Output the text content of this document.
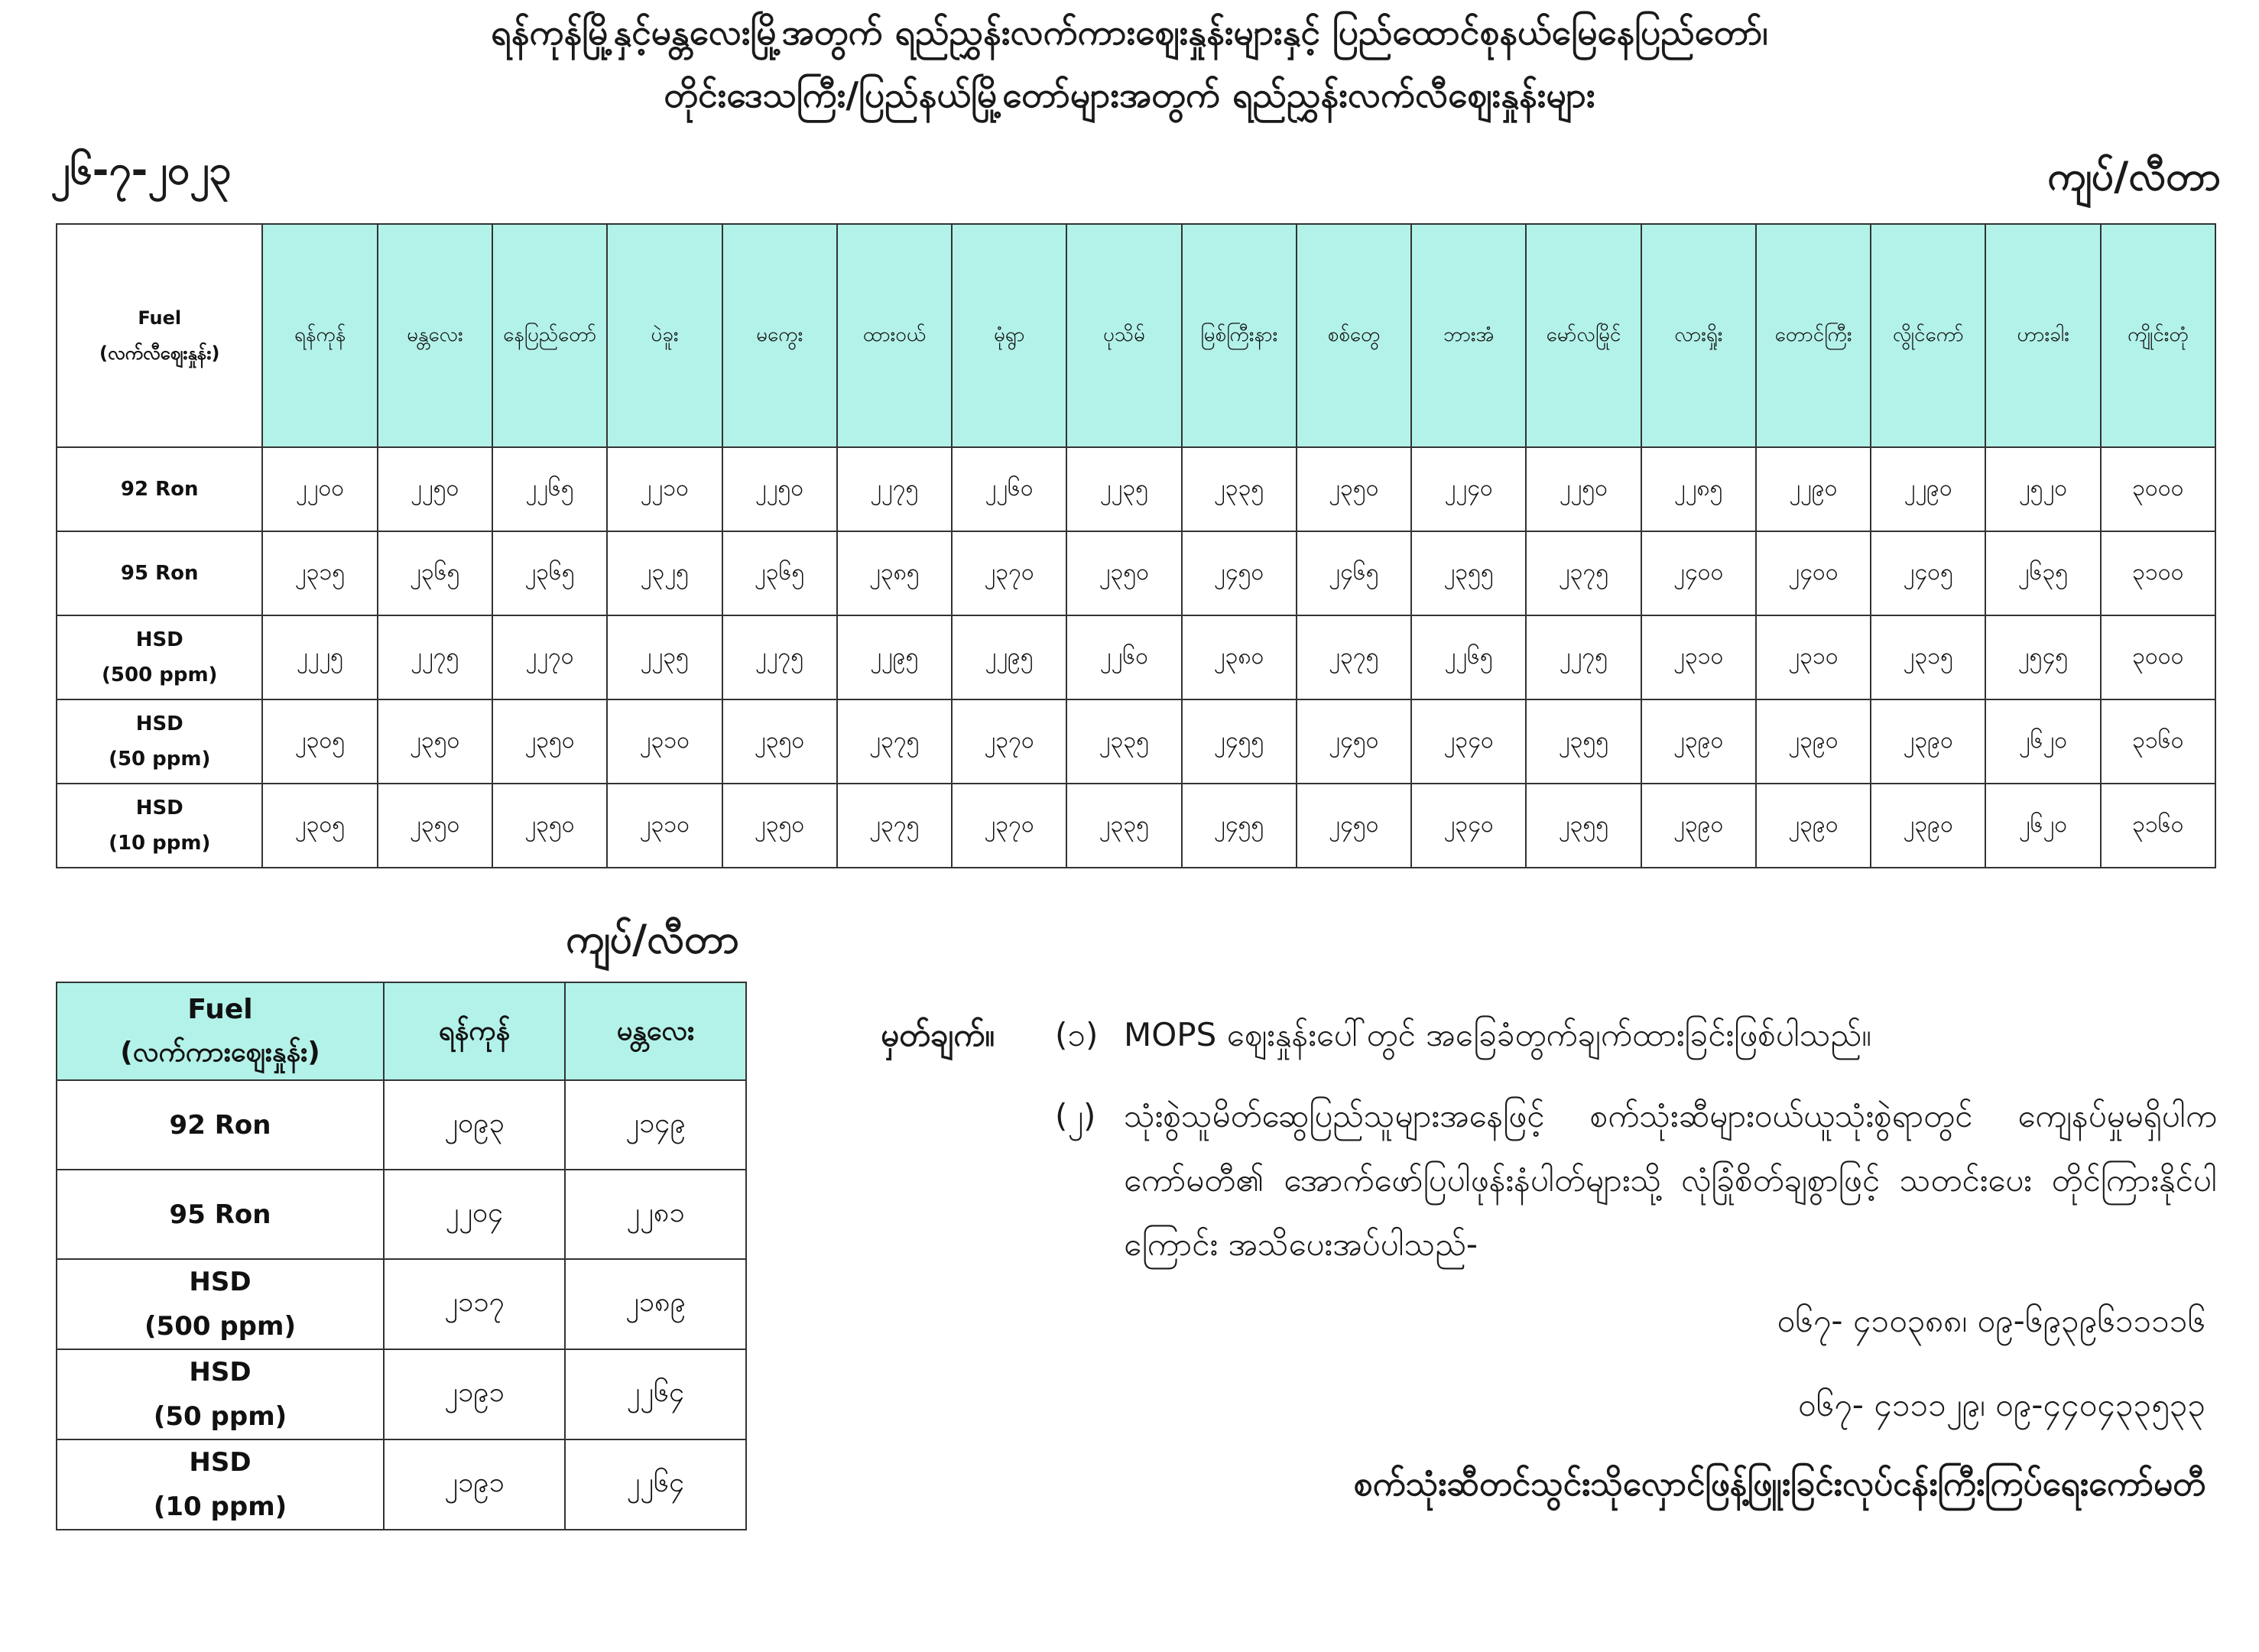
ရန်ကုန်မြို့နှင့်မန္တလေးမြို့အတွက် ရည်ညွှန်းလက်ကားဈေးနှုန်းများနှင့် ပြည်ထောင်စုနယ်မြေနေပြည်တော်၊
တိုင်းဒေသကြီး/ပြည်နယ်မြို့တော်များအတွက် ရည်ညွှန်းလက်လီဈေးနှုန်းများ
၂၆-၇-၂၀၂၃	ကျပ်/လီတာ
Fuel
(လက်လီဈေးနှုန်း)	ရန်ကုန်	မန္တလေး	နေပြည်တော်	ပဲခူး	မကွေး	ထားဝယ်	မုံရွာ	ပုသိမ်	မြစ်ကြီးနား	စစ်တွေ	ဘားအံ	မော်လမြိုင်	လားရှိုး	တောင်ကြီး	လွိုင်ကော်	ဟားခါး	ကျိုင်းတုံ
92 Ron	၂၂၀၀	၂၂၅၀	၂၂၆၅	၂၂၁၀	၂၂၅၀	၂၂၇၅	၂၂၆၀	၂၂၃၅	၂၃၃၅	၂၃၅၀	၂၂၄၀	၂၂၅၀	၂၂၈၅	၂၂၉၀	၂၂၉၀	၂၅၂၀	၃၀၀၀
95 Ron	၂၃၁၅	၂၃၆၅	၂၃၆၅	၂၃၂၅	၂၃၆၅	၂၃၈၅	၂၃၇၀	၂၃၅၀	၂၄၅၀	၂၄၆၅	၂၃၅၅	၂၃၇၅	၂၄၀၀	၂၄၀၀	၂၄၀၅	၂၆၃၅	၃၁၀၀
HSD
(500 ppm)	၂၂၂၅	၂၂၇၅	၂၂၇၀	၂၂၃၅	၂၂၇၅	၂၂၉၅	၂၂၉၅	၂၂၆၀	၂၃၈၀	၂၃၇၅	၂၂၆၅	၂၂၇၅	၂၃၁၀	၂၃၁၀	၂၃၁၅	၂၅၄၅	၃၀၀၀
HSD
(50 ppm)	၂၃၀၅	၂၃၅၀	၂၃၅၀	၂၃၁၀	၂၃၅၀	၂၃၇၅	၂၃၇၀	၂၃၃၅	၂၄၅၅	၂၄၅၀	၂၃၄၀	၂၃၅၅	၂၃၉၀	၂၃၉၀	၂၃၉၀	၂၆၂၀	၃၁၆၀
HSD
(10 ppm)	၂၃၀၅	၂၃၅၀	၂၃၅၀	၂၃၁၀	၂၃၅၀	၂၃၇၅	၂၃၇၀	၂၃၃၅	၂၄၅၅	၂၄၅၀	၂၃၄၀	၂၃၅၅	၂၃၉၀	၂၃၉၀	၂၃၉၀	၂၆၂၀	၃၁၆၀
ကျပ်/လီတာ
Fuel
(လက်ကားဈေးနှုန်း)	ရန်ကုန်	မန္တလေး
92 Ron	၂၀၉၃	၂၁၄၉
95 Ron	၂၂၀၄	၂၂၈၁
HSD
(500 ppm)	၂၁၁၇	၂၁၈၉
HSD
(50 ppm)	၂၁၉၁	၂၂၆၄
HSD
(10 ppm)	၂၁၉၁	၂၂၆၄
မှတ်ချက်။ (၁) MOPS ဈေးနှုန်းပေါ်တွင် အခြေခံတွက်ချက်ထားခြင်းဖြစ်ပါသည်။
(၂) သုံးစွဲသူမိတ်ဆွေပြည်သူများအနေဖြင့် စက်သုံးဆီများဝယ်ယူသုံးစွဲရာတွင် ကျေနပ်မှုမရှိပါက ကော်မတီ၏ အောက်ဖော်ပြပါဖုန်းနံပါတ်များသို့ လုံခြုံစိတ်ချစွာဖြင့် သတင်းပေး တိုင်ကြားနိုင်ပါကြောင်း အသိပေးအပ်ပါသည်-
၀၆၇- ၄၁၀၃၈၈၊ ၀၉-၆၉၃၉၆၁၁၁၁၆
၀၆၇- ၄၁၁၁၂၉၊ ၀၉-၄၄၀၄၃၃၅၃၃
စက်သုံးဆီတင်သွင်းသိုလှောင်ဖြန့်ဖြူးခြင်းလုပ်ငန်းကြီးကြပ်ရေးကော်မတီ
